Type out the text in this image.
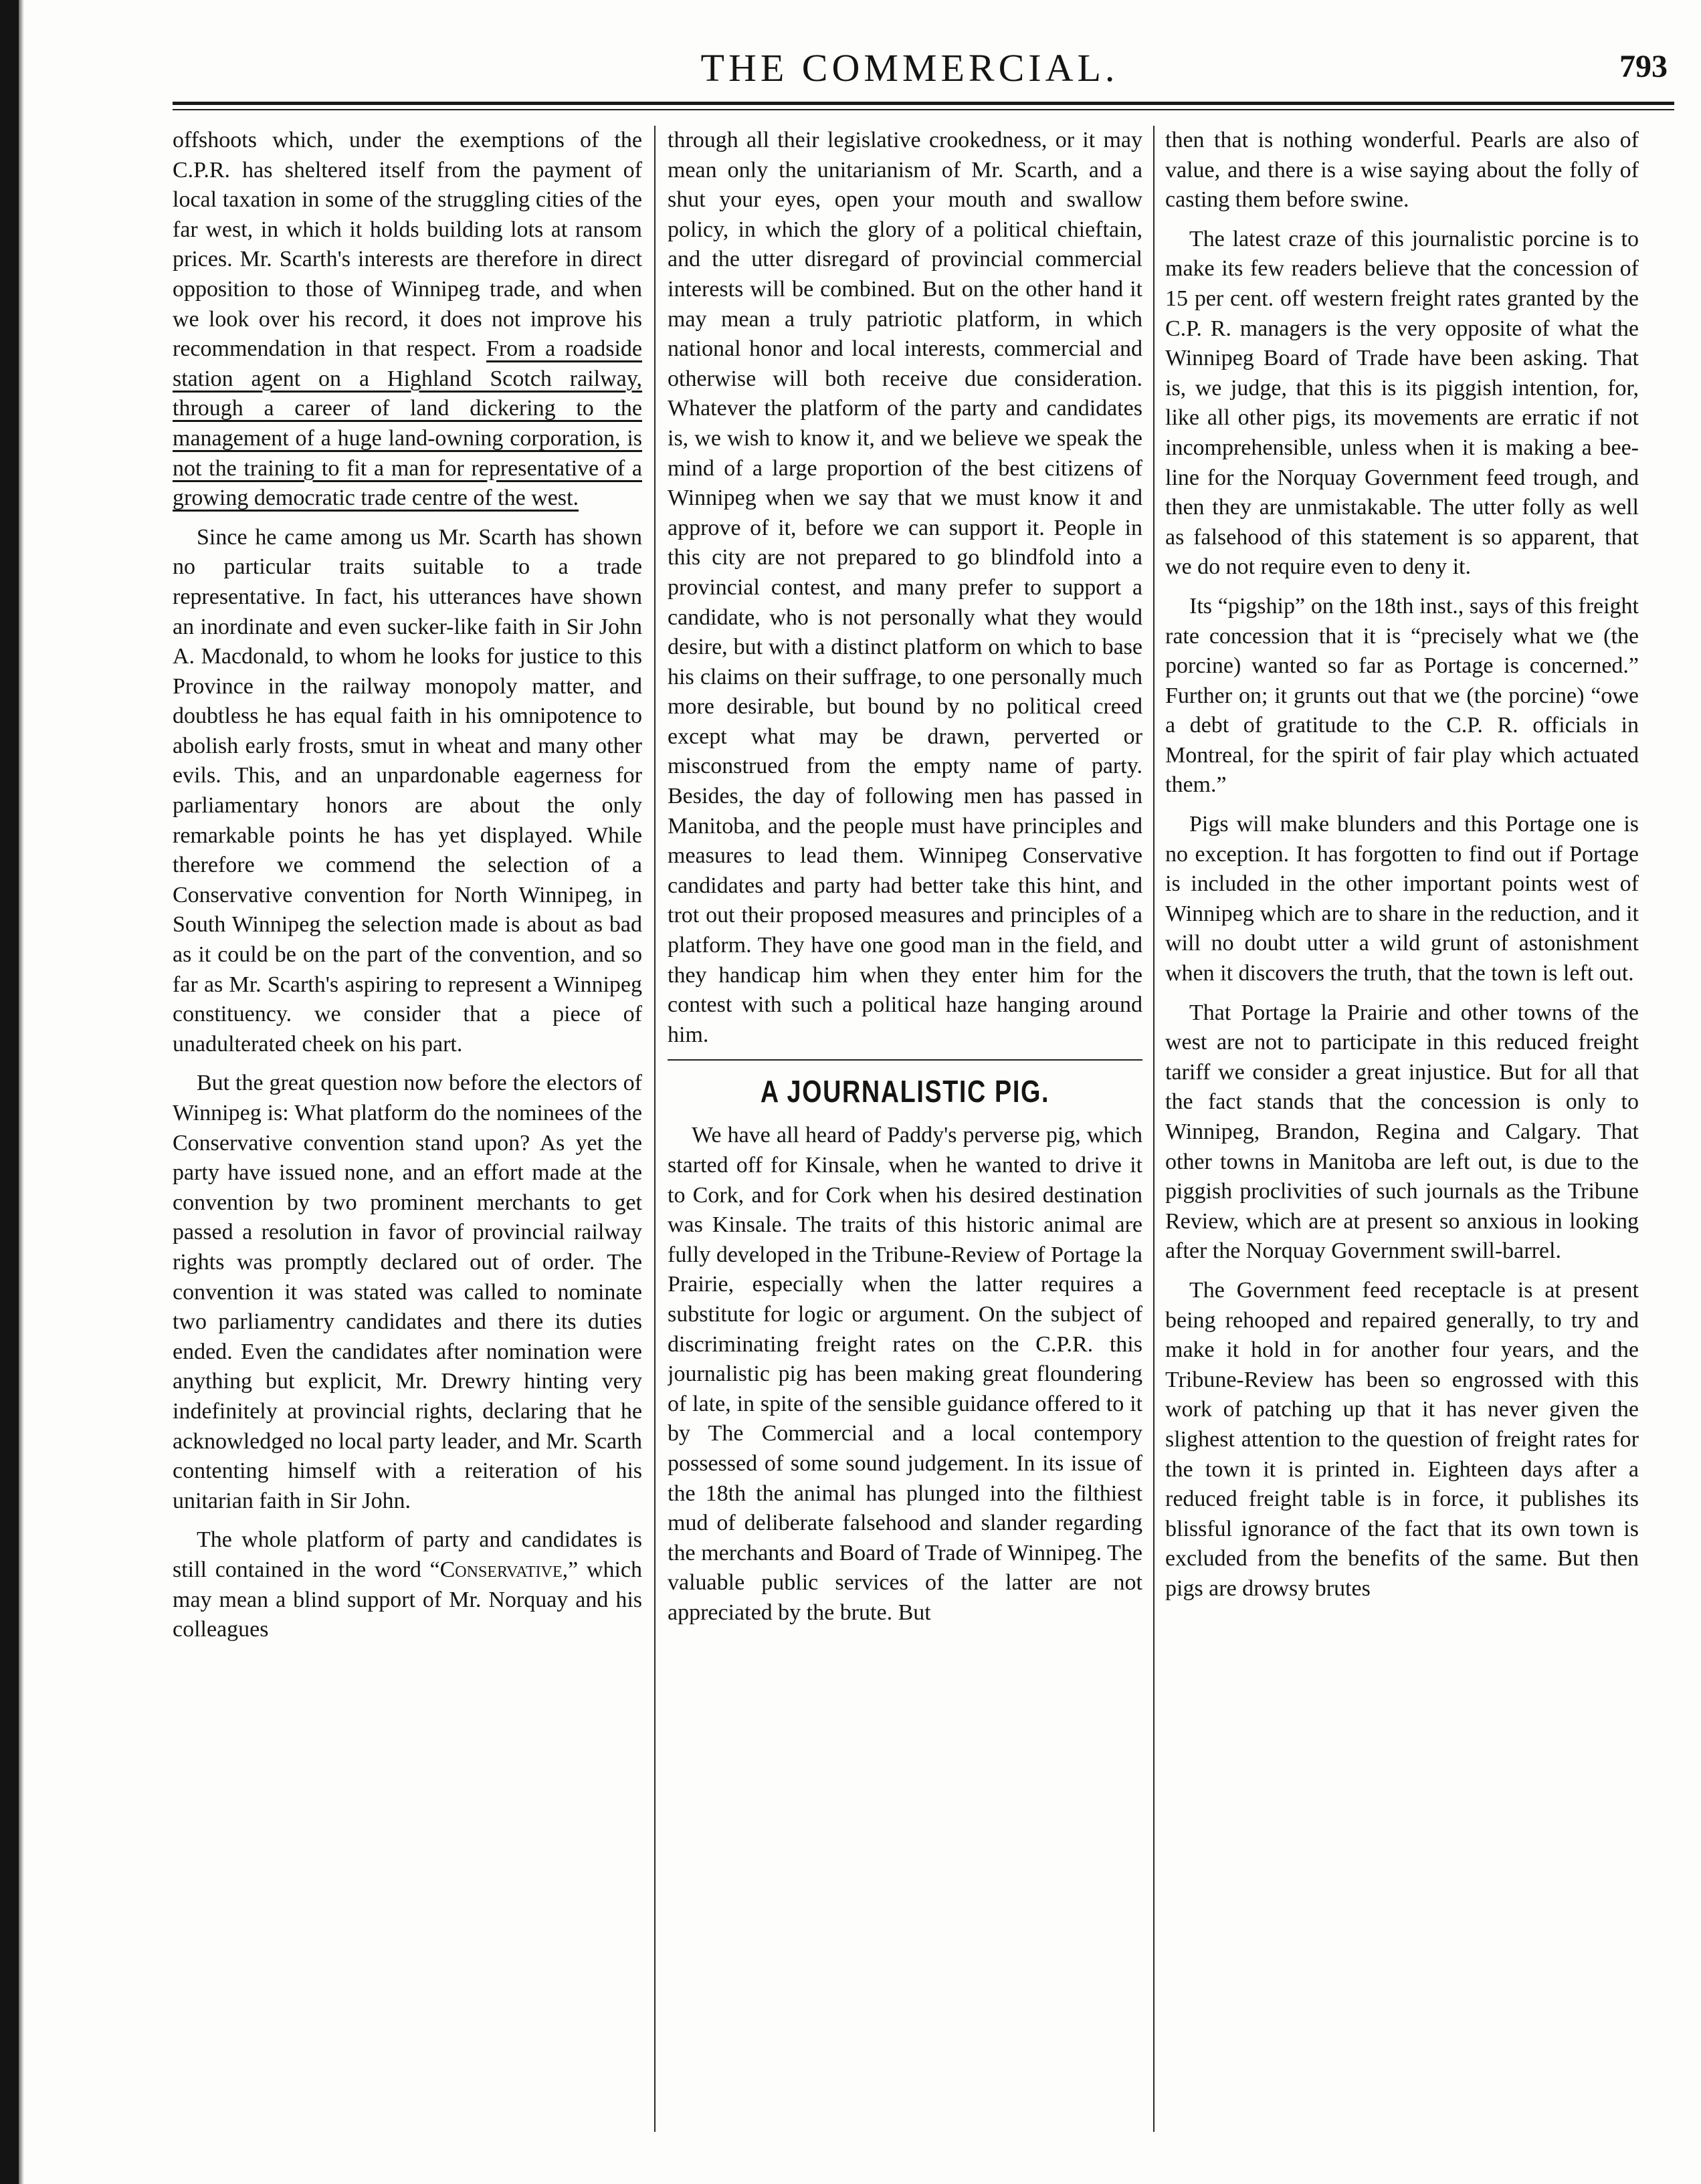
THE COMMERCIAL.	793

offshoots which, under the exemptions of the C.P.R. has sheltered itself from the payment of local taxation in some of the struggling cities of the far west, in which it holds building lots at ransom prices. Mr. Scarth's interests are therefore in direct opposition to those of Winnipeg trade, and when we look over his record, it does not improve his recommendation in that respect. From a roadside station agent on a Highland Scotch railway, through a career of land dickering to the management of a huge land-owning corporation, is not the training to fit a man for representative of a growing democratic trade centre of the west.

Since he came among us Mr. Scarth has shown no particular traits suitable to a trade representative. In fact, his utterances have shown an inordinate and even sucker-like faith in Sir John A. Macdonald, to whom he looks for justice to this Province in the railway monopoly matter, and doubtless he has equal faith in his omnipotence to abolish early frosts, smut in wheat and many other evils. This, and an unpardonable eagerness for parliamentary honors are about the only remarkable points he has yet displayed. While therefore we commend the selection of a Conservative convention for North Winnipeg, in South Winnipeg the selection made is about as bad as it could be on the part of the convention, and so far as Mr. Scarth's aspiring to represent a Winnipeg constituency. we consider that a piece of unadulterated cheek on his part.

But the great question now before the electors of Winnipeg is: What platform do the nominees of the Conservative convention stand upon? As yet the party have issued none, and an effort made at the convention by two prominent merchants to get passed a resolution in favor of provincial railway rights was promptly declared out of order. The convention it was stated was called to nominate two parliamentry candidates and there its duties ended. Even the candidates after nomination were anything but explicit, Mr. Drewry hinting very indefinitely at provincial rights, declaring that he acknowledged no local party leader, and Mr. Scarth contenting himself with a reiteration of his unitarian faith in Sir John.

The whole platform of party and candidates is still contained in the word “Conservative,” which may mean a blind support of Mr. Norquay and his colleagues

through all their legislative crookedness, or it may mean only the unitarianism of Mr. Scarth, and a shut your eyes, open your mouth and swallow policy, in which the glory of a political chieftain, and the utter disregard of provincial commercial interests will be combined. But on the other hand it may mean a truly patriotic platform, in which national honor and local interests, commercial and otherwise will both receive due consideration. Whatever the platform of the party and candidates is, we wish to know it, and we believe we speak the mind of a large proportion of the best citizens of Winnipeg when we say that we must know it and approve of it, before we can support it. People in this city are not prepared to go blindfold into a provincial contest, and many prefer to support a candidate, who is not personally what they would desire, but with a distinct platform on which to base his claims on their suffrage, to one personally much more desirable, but bound by no political creed except what may be drawn, perverted or misconstrued from the empty name of party. Besides, the day of following men has passed in Manitoba, and the people must have principles and measures to lead them. Winnipeg Conservative candidates and party had better take this hint, and trot out their proposed measures and principles of a platform. They have one good man in the field, and they handicap him when they enter him for the contest with such a political haze hanging around him.

A JOURNALISTIC PIG.

We have all heard of Paddy's perverse pig, which started off for Kinsale, when he wanted to drive it to Cork, and for Cork when his desired destination was Kinsale. The traits of this historic animal are fully developed in the Tribune-Review of Portage la Prairie, especially when the latter requires a substitute for logic or argument. On the subject of discriminating freight rates on the C.P.R. this journalistic pig has been making great floundering of late, in spite of the sensible guidance offered to it by The Commercial and a local contempory possessed of some sound judgement. In its issue of the 18th the animal has plunged into the filthiest mud of deliberate falsehood and slander regarding the merchants and Board of Trade of Winnipeg. The valuable public services of the latter are not appreciated by the brute. But

then that is nothing wonderful. Pearls are also of value, and there is a wise saying about the folly of casting them before swine.

The latest craze of this journalistic porcine is to make its few readers believe that the concession of 15 per cent. off western freight rates granted by the C.P. R. managers is the very opposite of what the Winnipeg Board of Trade have been asking. That is, we judge, that this is its piggish intention, for, like all other pigs, its movements are erratic if not incomprehensible, unless when it is making a bee-line for the Norquay Government feed trough, and then they are unmistakable. The utter folly as well as falsehood of this statement is so apparent, that we do not require even to deny it.

Its “pigship” on the 18th inst., says of this freight rate concession that it is “precisely what we (the porcine) wanted so far as Portage is concerned.” Further on; it grunts out that we (the porcine) “owe a debt of gratitude to the C.P. R. officials in Montreal, for the spirit of fair play which actuated them.”

Pigs will make blunders and this Portage one is no exception. It has forgotten to find out if Portage is included in the other important points west of Winnipeg which are to share in the reduction, and it will no doubt utter a wild grunt of astonishment when it discovers the truth, that the town is left out.

That Portage la Prairie and other towns of the west are not to participate in this reduced freight tariff we consider a great injustice. But for all that the fact stands that the concession is only to Winnipeg, Brandon, Regina and Calgary. That other towns in Manitoba are left out, is due to the piggish proclivities of such journals as the Tribune Review, which are at present so anxious in looking after the Norquay Government swill-barrel.

The Government feed receptacle is at present being rehooped and repaired generally, to try and make it hold in for another four years, and the Tribune-Review has been so engrossed with this work of patching up that it has never given the slighest attention to the question of freight rates for the town it is printed in. Eighteen days after a reduced freight table is in force, it publishes its blissful ignorance of the fact that its own town is excluded from the benefits of the same. But then pigs are drowsy brutes
